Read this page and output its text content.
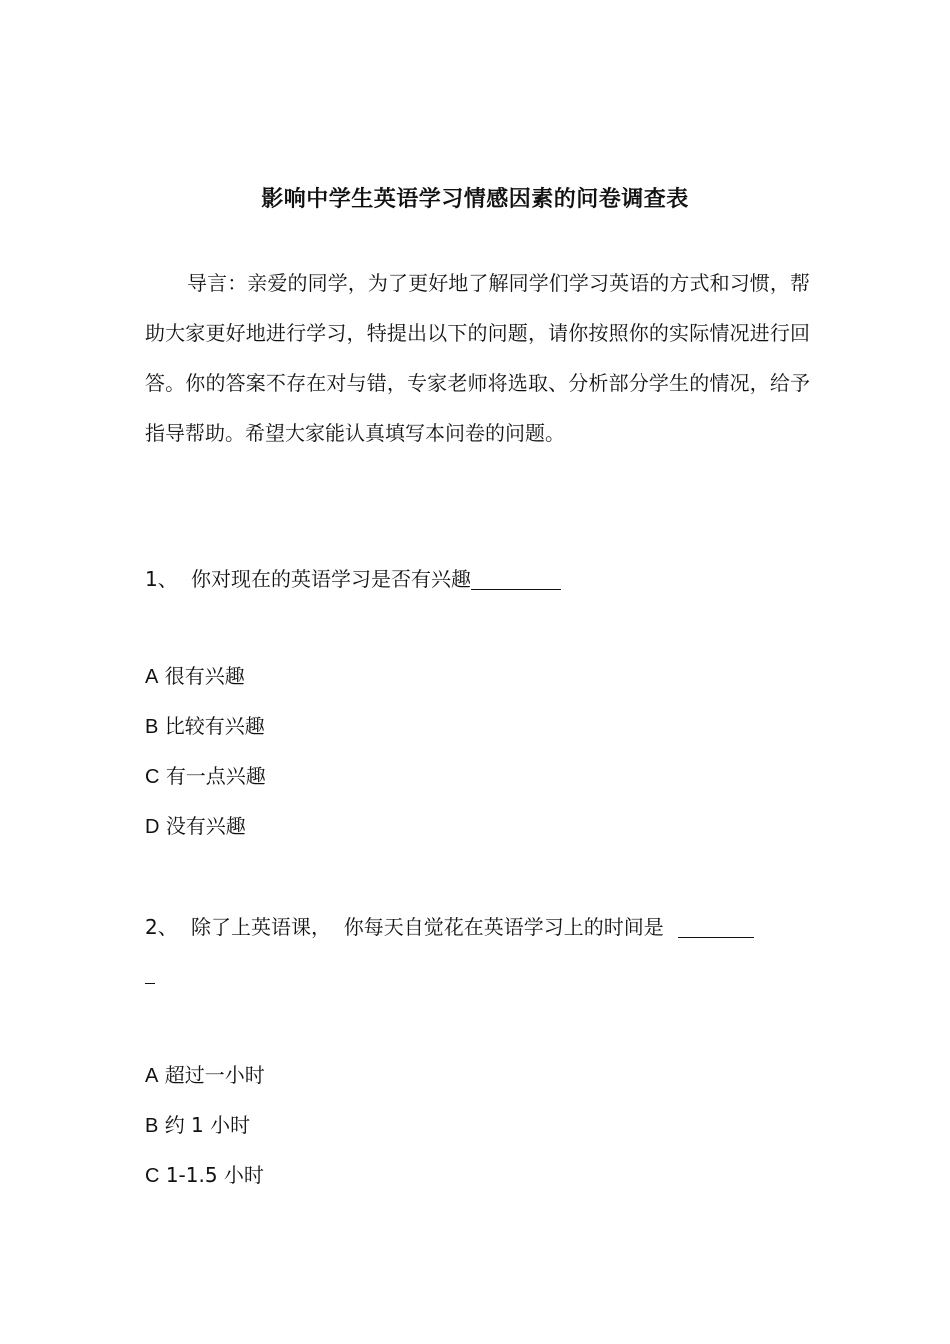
影响中学生英语学习情感因素的问卷调查表

导言：亲爱的同学，为了更好地了解同学们学习英语的方式和习惯，帮助大家更好地进行学习，特提出以下的问题，请你按照你的实际情况进行回答。你的答案不存在对与错，专家老师将选取、分析部分学生的情况，给予指导帮助。希望大家能认真填写本问卷的问题。

1、 你对现在的英语学习是否有兴趣
A 很有兴趣
B 比较有兴趣
C 有一点兴趣
D 没有兴趣
2、 除了上英语课，  你每天自觉花在英语学习上的时间是
A 超过一小时
B 约 1 小时
C 1-1.5 小时
